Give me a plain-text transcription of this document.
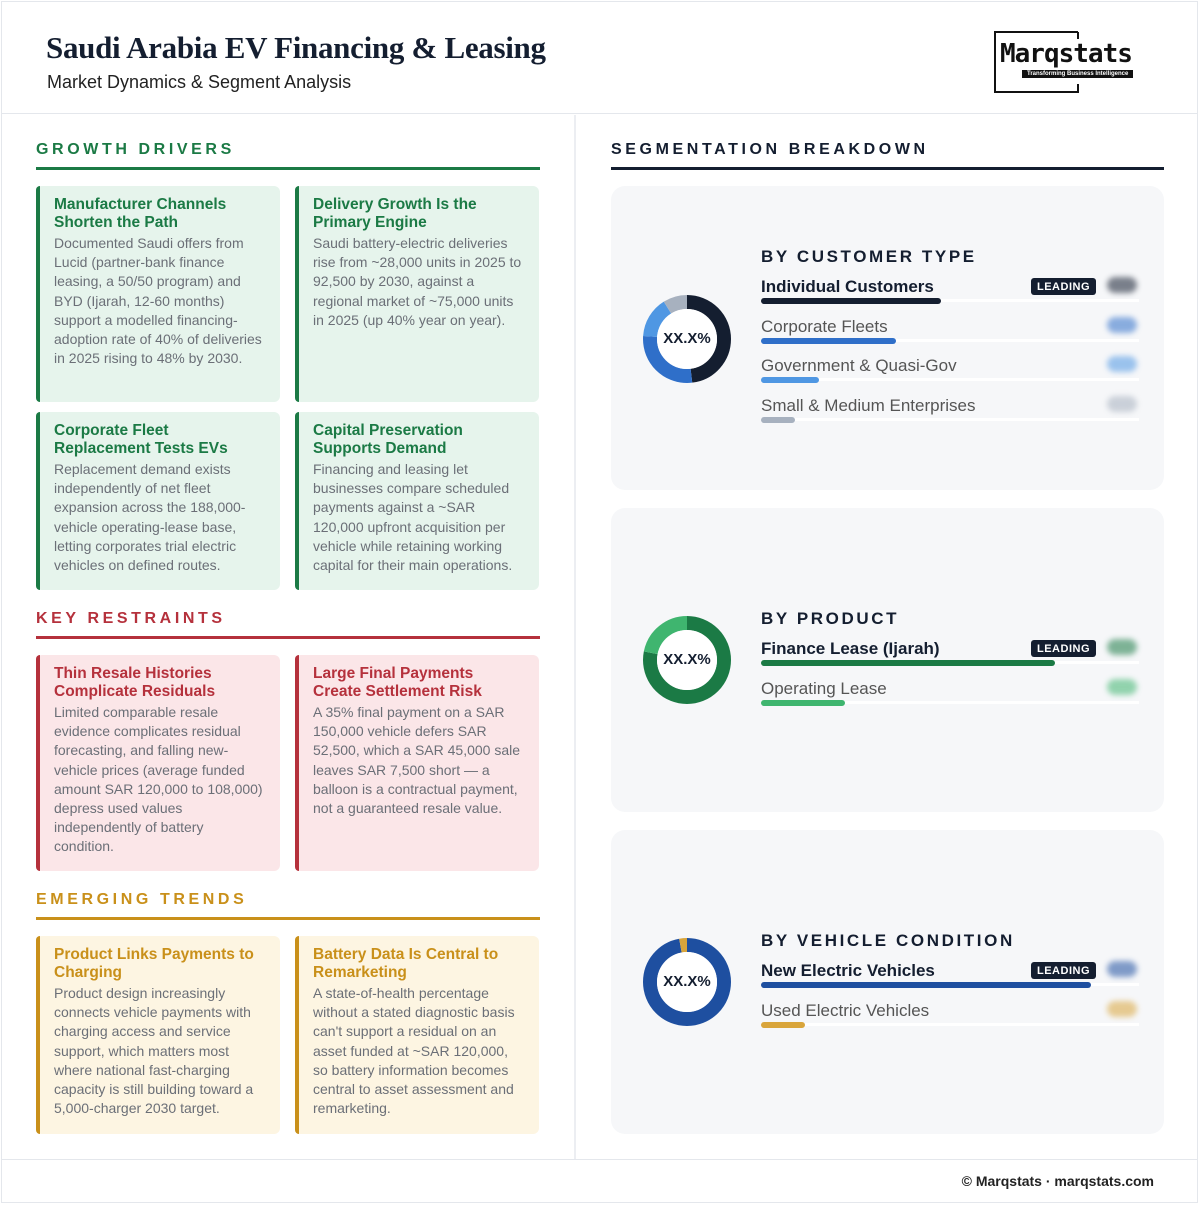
Saudi Arabia EV Financing & Leasing
Market Dynamics & Segment Analysis
Marqstats
Transforming Business Intelligence
GROWTH DRIVERS
Manufacturer Channels Shorten the Path

Documented Saudi offers from Lucid (partner-bank finance leasing, a 50/50 program) and BYD (Ijarah, 12-60 months) support a modelled financing-adoption rate of 40% of deliveries in 2025 rising to 48% by 2030.

Delivery Growth Is the Primary Engine

Saudi battery-electric deliveries rise from ~28,000 units in 2025 to 92,500 by 2030, against a regional market of ~75,000 units in 2025 (up 40% year on year).

Corporate Fleet Replacement Tests EVs

Replacement demand exists independently of net fleet expansion across the 188,000-vehicle operating-lease base, letting corporates trial electric vehicles on defined routes.

Capital Preservation Supports Demand

Financing and leasing let businesses compare scheduled payments against a ~SAR 120,000 upfront acquisition per vehicle while retaining working capital for their main operations.

KEY RESTRAINTS
Thin Resale Histories Complicate Residuals

Limited comparable resale evidence complicates residual forecasting, and falling new-vehicle prices (average funded amount SAR 120,000 to 108,000) depress used values independently of battery condition.

Large Final Payments Create Settlement Risk

A 35% final payment on a SAR 150,000 vehicle defers SAR 52,500, which a SAR 45,000 sale leaves SAR 7,500 short — a balloon is a contractual payment, not a guaranteed resale value.

EMERGING TRENDS
Product Links Payments to Charging

Product design increasingly connects vehicle payments with charging access and service support, which matters most where national fast-charging capacity is still building toward a 5,000-charger 2030 target.

Battery Data Is Central to Remarketing

A state-of-health percentage without a stated diagnostic basis can't support a residual on an asset funded at ~SAR 120,000, so battery information becomes central to asset assessment and remarketing.

SEGMENTATION BREAKDOWN
XX.X%
BY CUSTOMER TYPE
Individual Customers	LEADING
Corporate Fleets
Government & Quasi-Gov
Small & Medium Enterprises
XX.X%
BY PRODUCT
Finance Lease (Ijarah)	LEADING
Operating Lease
XX.X%
BY VEHICLE CONDITION
New Electric Vehicles	LEADING
Used Electric Vehicles
© Marqstats · marqstats.com
